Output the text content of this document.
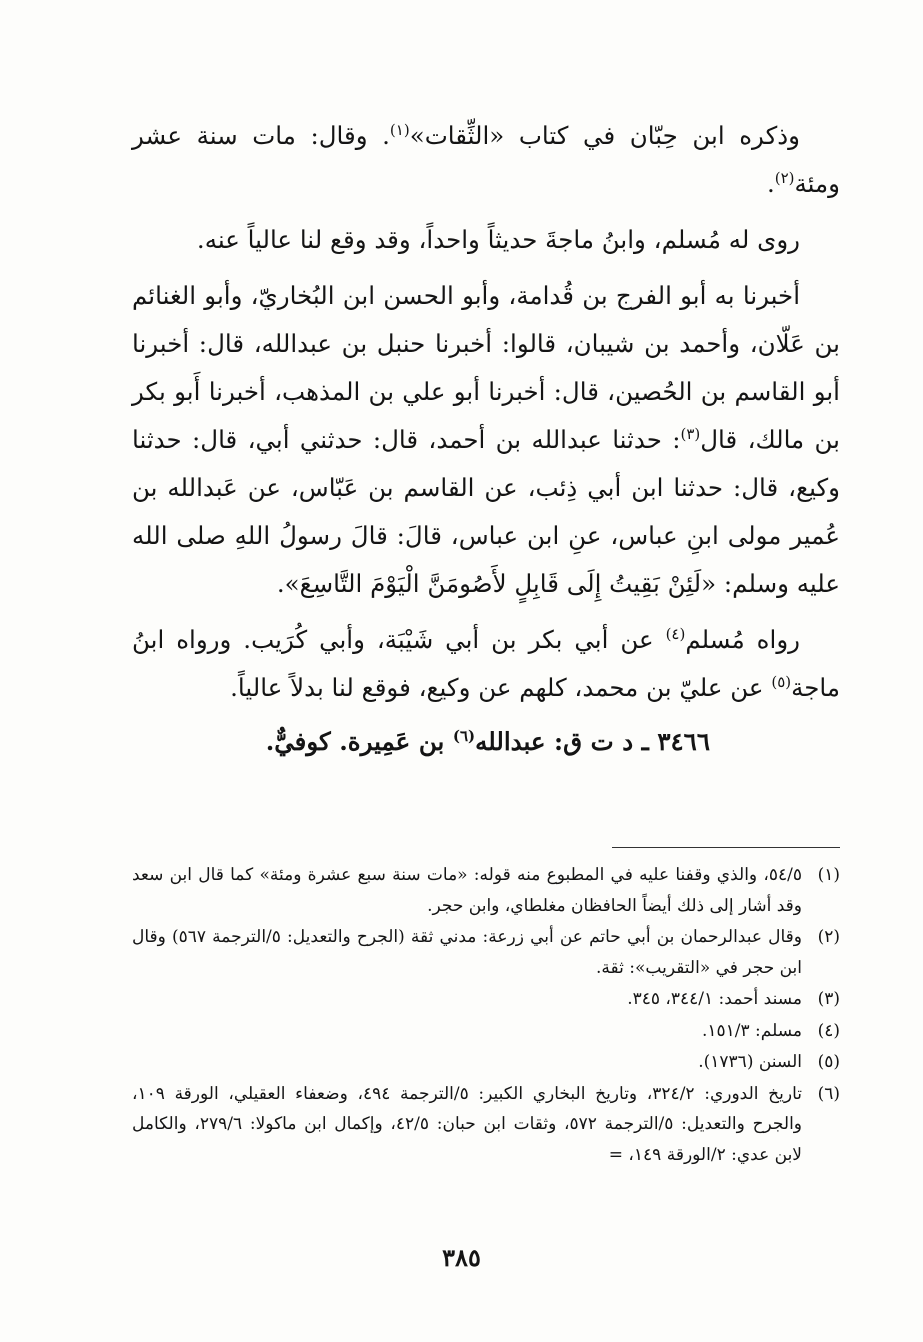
وذكره ابن حِبّان في كتاب «الثِّقات»$^{(١)}$. وقال: مات سنة عشر ومئة$^{(٢)}$.

روى له مُسلم، وابنُ ماجةَ حديثاً واحداً، وقد وقع لنا عالياً عنه.

أخبرنا به أبو الفرج بن قُدامة، وأبو الحسن ابن البُخاريّ، وأبو الغنائم بن عَلّان، وأحمد بن شيبان، قالوا: أخبرنا حنبل بن عبدالله، قال: أخبرنا أبو القاسم بن الحُصين، قال: أخبرنا أبو علي بن المذهب، أخبرنا أَبو بكر بن مالك، قال$^{(٣)}$: حدثنا عبدالله بن أحمد، قال: حدثني أبي، قال: حدثنا وكيع، قال: حدثنا ابن أبي ذِئب، عن القاسم بن عَبّاس، عن عَبدالله بن عُمير مولى ابنِ عباس، عنِ ابن عباس، قالَ: قالَ رسولُ اللهِ صلى الله عليه وسلم: «لَئِنْ بَقِيتُ إِلَى قَابِلٍ لأَصُومَنَّ الْيَوْمَ التَّاسِعَ».

رواه مُسلم$^{(٤)}$ عن أبي بكر بن أبي شَيْبَة، وأبي كُرَيب. ورواه ابنُ ماجة$^{(٥)}$ عن عليّ بن محمد، كلهم عن وكيع، فوقع لنا بدلاً عالياً.

٣٤٦٦ ـ د ت ق: عبدالله$^{(٦)}$ بن عَمِيرة. كوفيٌّ.

(١)
٥٤/٥، والذي وقفنا عليه في المطبوع منه قوله: «مات سنة سبع عشرة ومئة» كما قال ابن سعد وقد أشار إلى ذلك أيضاً الحافظان مغلطاي، وابن حجر.

(٢)
وقال عبدالرحمان بن أبي حاتم عن أبي زرعة: مدني ثقة (الجرح والتعديل: ٥/الترجمة ٥٦٧) وقال ابن حجر في «التقريب»: ثقة.

(٣)
مسند أحمد: ٣٤٤/١، ٣٤٥.

(٤)
مسلم: ١٥١/٣.

(٥)
السنن (١٧٣٦).

(٦)
تاريخ الدوري: ٣٢٤/٢، وتاريخ البخاري الكبير: ٥/الترجمة ٤٩٤، وضعفاء العقيلي، الورقة ١٠٩، والجرح والتعديل: ٥/الترجمة ٥٧٢، وثقات ابن حبان: ٤٢/٥، وإكمال ابن ماكولا: ٢٧٩/٦، والكامل لابن عدي: ٢/الورقة ١٤٩، =

٣٨٥
